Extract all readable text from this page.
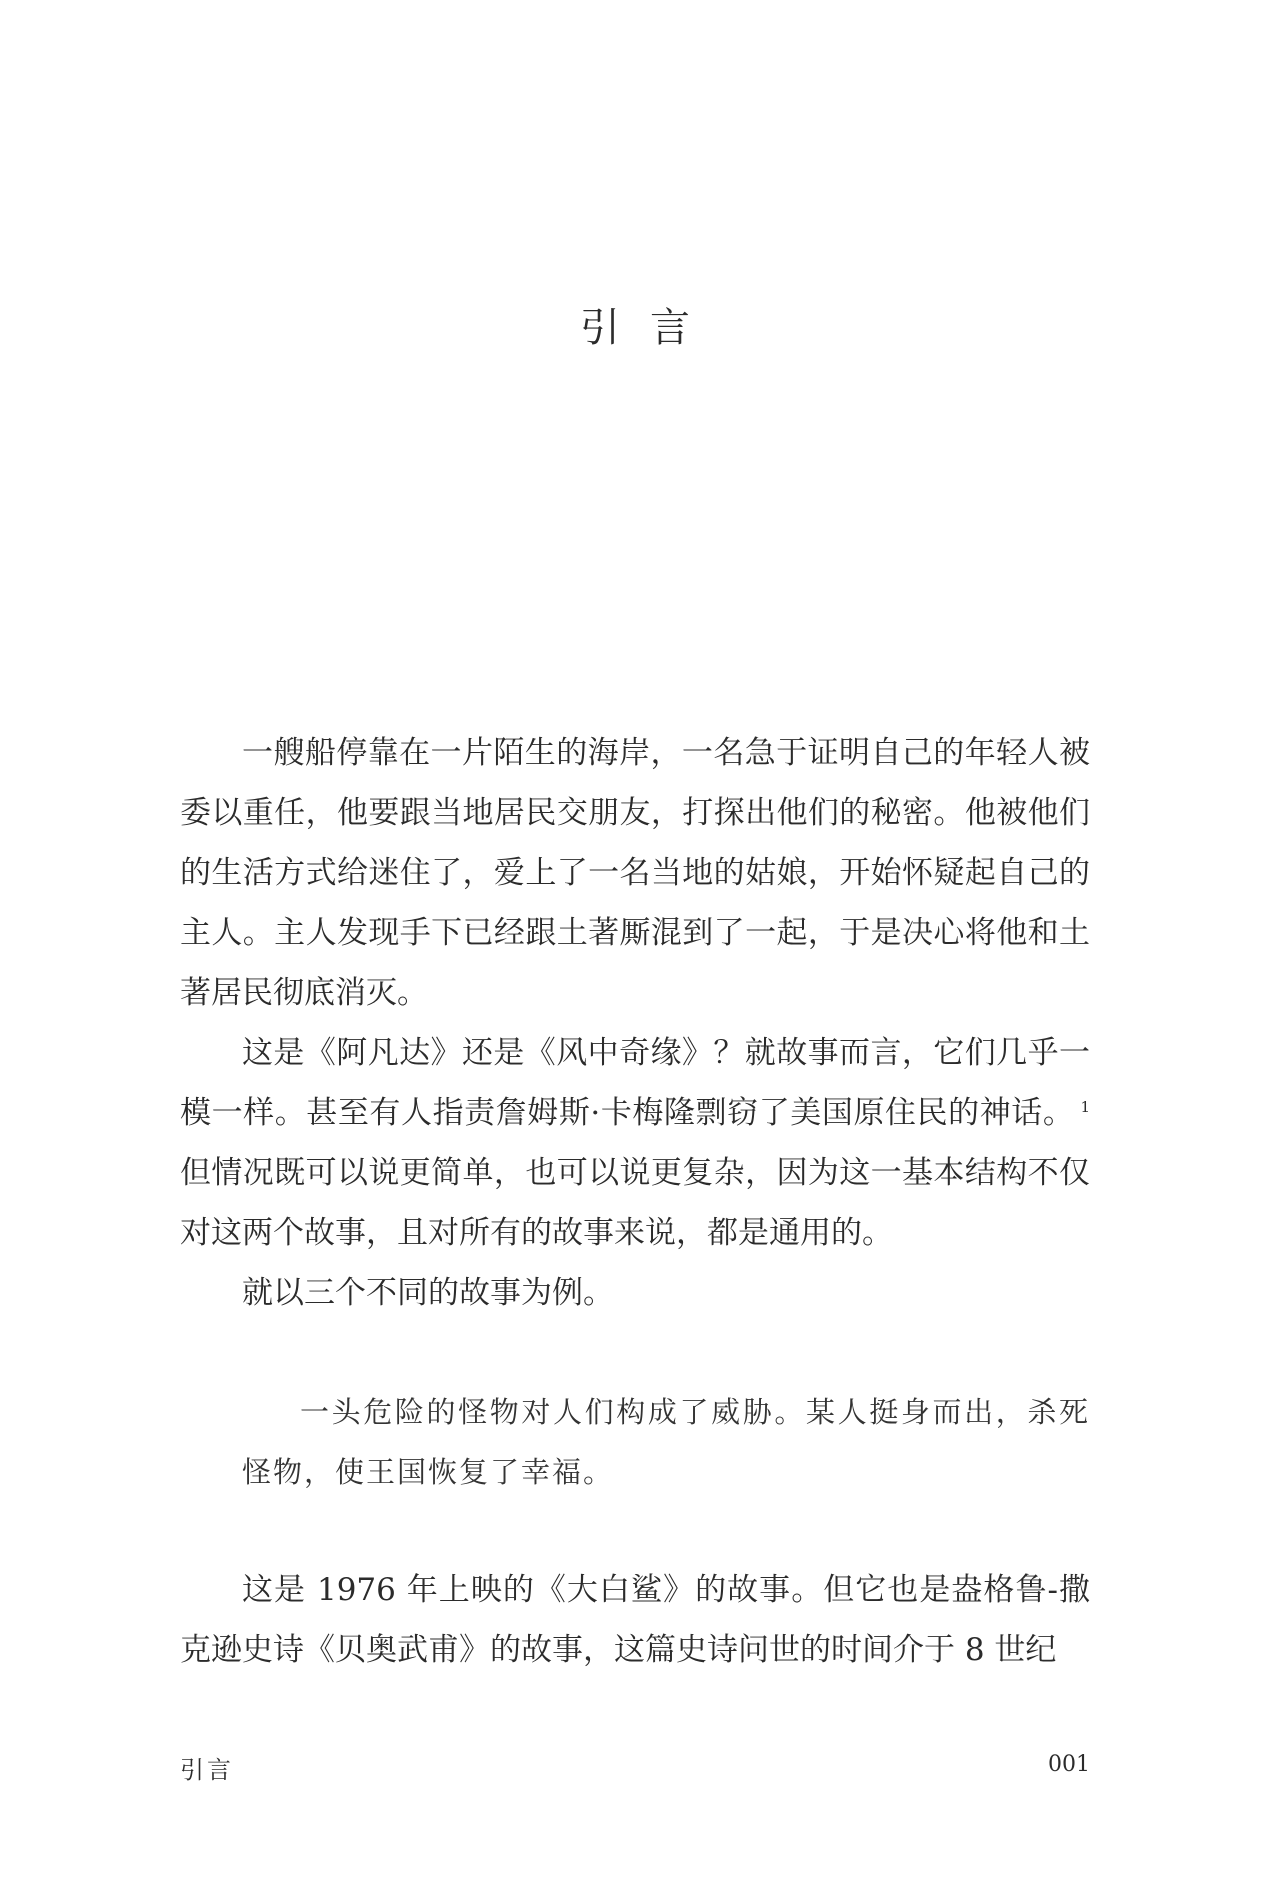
引言

一艘船停靠在一片陌生的海岸，一名急于证明自己的年轻人被委以重任，他要跟当地居民交朋友，打探出他们的秘密。他被他们的生活方式给迷住了，爱上了一名当地的姑娘，开始怀疑起自己的主人。主人发现手下已经跟土著厮混到了一起，于是决心将他和土著居民彻底消灭。

这是《阿凡达》还是《风中奇缘》？就故事而言，它们几乎一模一样。甚至有人指责詹姆斯·卡梅隆剽窃了美国原住民的神话。 $^1$但情况既可以说更简单，也可以说更复杂，因为这一基本结构不仅对这两个故事，且对所有的故事来说，都是通用的。

就以三个不同的故事为例。

一头危险的怪物对人们构成了威胁。某人挺身而出，杀死怪物，使王国恢复了幸福。

这是 1976 年上映的《大白鲨》的故事。但它也是盎格鲁-撒克逊史诗《贝奥武甫》的故事，这篇史诗问世的时间介于 8 世纪

引言	001
